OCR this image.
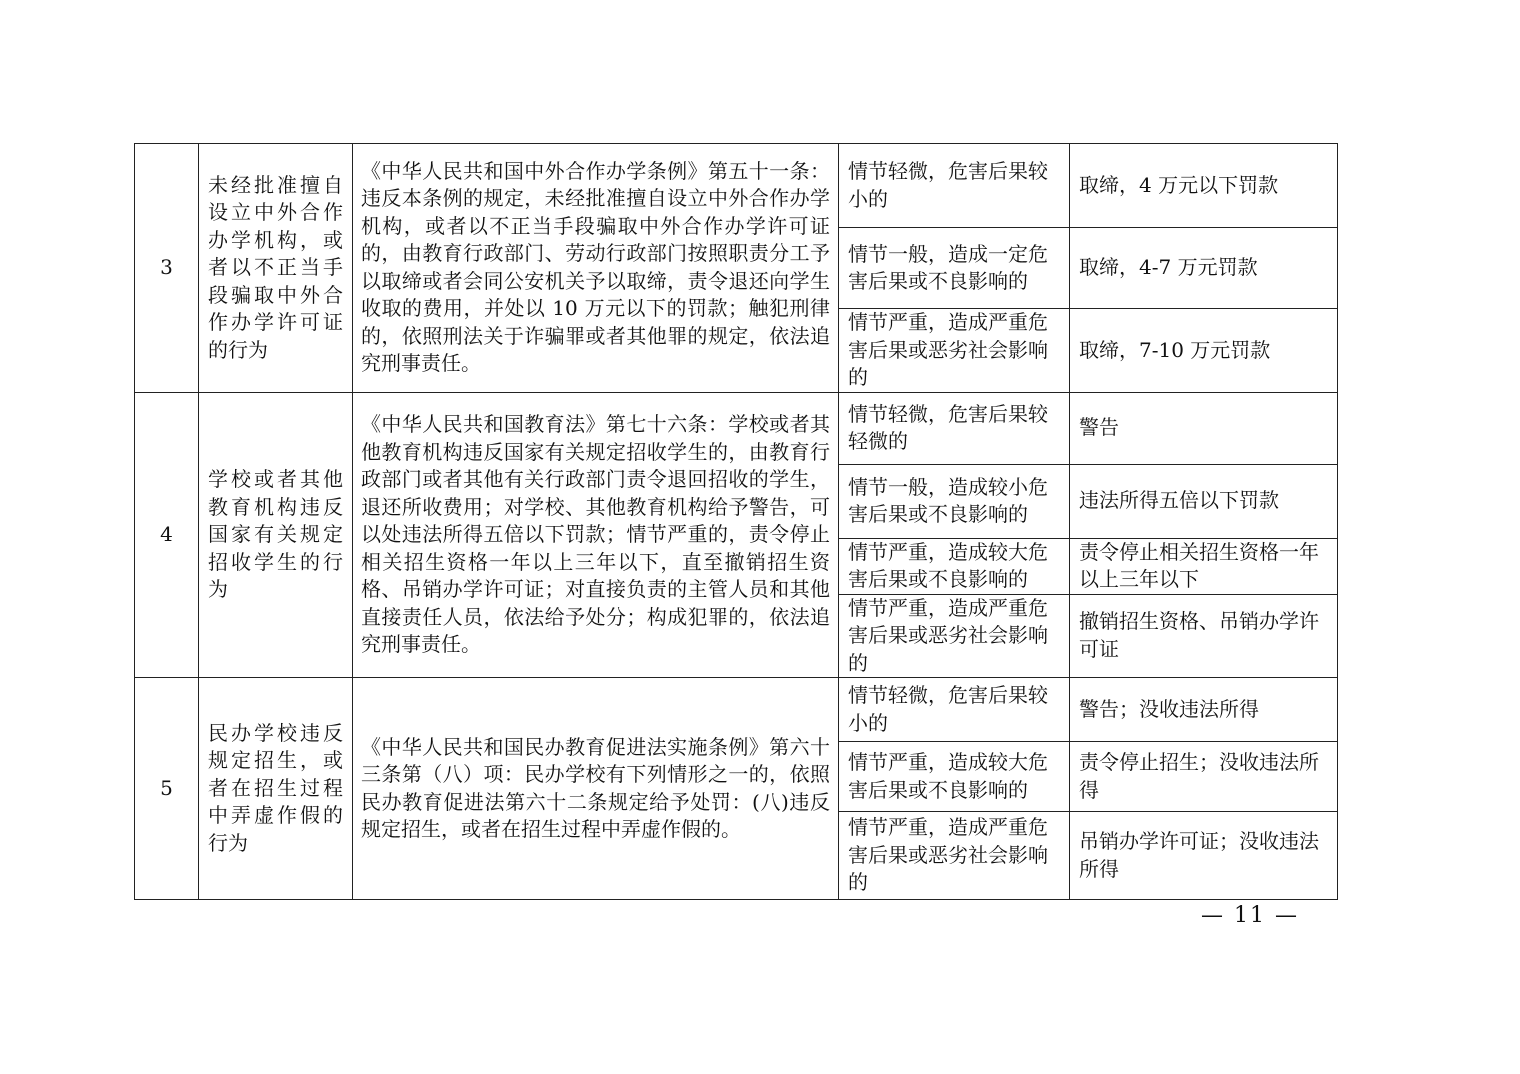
3	未经批准擅自设立中外合作办学机构，或者以不正当手段骗取中外合作办学许可证的行为	《中华人民共和国中外合作办学条例》第五十一条：违反本条例的规定，未经批准擅自设立中外合作办学机构，或者以不正当手段骗取中外合作办学许可证的，由教育行政部门、劳动行政部门按照职责分工予以取缔或者会同公安机关予以取缔，责令退还向学生收取的费用，并处以 10 万元以下的罚款；触犯刑律的，依照刑法关于诈骗罪或者其他罪的规定，依法追究刑事责任。	情节轻微，危害后果较小的	取缔，4 万元以下罚款
			情节一般，造成一定危害后果或不良影响的	取缔，4-7 万元罚款
			情节严重，造成严重危害后果或恶劣社会影响的	取缔，7-10 万元罚款
4	学校或者其他教育机构违反国家有关规定招收学生的行为	《中华人民共和国教育法》第七十六条：学校或者其他教育机构违反国家有关规定招收学生的，由教育行政部门或者其他有关行政部门责令退回招收的学生，退还所收费用；对学校、其他教育机构给予警告，可以处违法所得五倍以下罚款；情节严重的，责令停止相关招生资格一年以上三年以下，直至撤销招生资格、吊销办学许可证；对直接负责的主管人员和其他直接责任人员，依法给予处分；构成犯罪的，依法追究刑事责任。	情节轻微，危害后果较轻微的	警告
			情节一般，造成较小危害后果或不良影响的	违法所得五倍以下罚款
			情节严重，造成较大危害后果或不良影响的	责令停止相关招生资格一年以上三年以下
			情节严重，造成严重危害后果或恶劣社会影响的	撤销招生资格、吊销办学许可证
5	民办学校违反规定招生，或者在招生过程中弄虚作假的行为	《中华人民共和国民办教育促进法实施条例》第六十三条第（八）项：民办学校有下列情形之一的，依照民办教育促进法第六十二条规定给予处罚：(八)违反规定招生，或者在招生过程中弄虚作假的。	情节轻微，危害后果较小的	警告；没收违法所得
			情节严重，造成较大危害后果或不良影响的	责令停止招生；没收违法所得
			情节严重，造成严重危害后果或恶劣社会影响的	吊销办学许可证；没收违法所得
— 11 —
